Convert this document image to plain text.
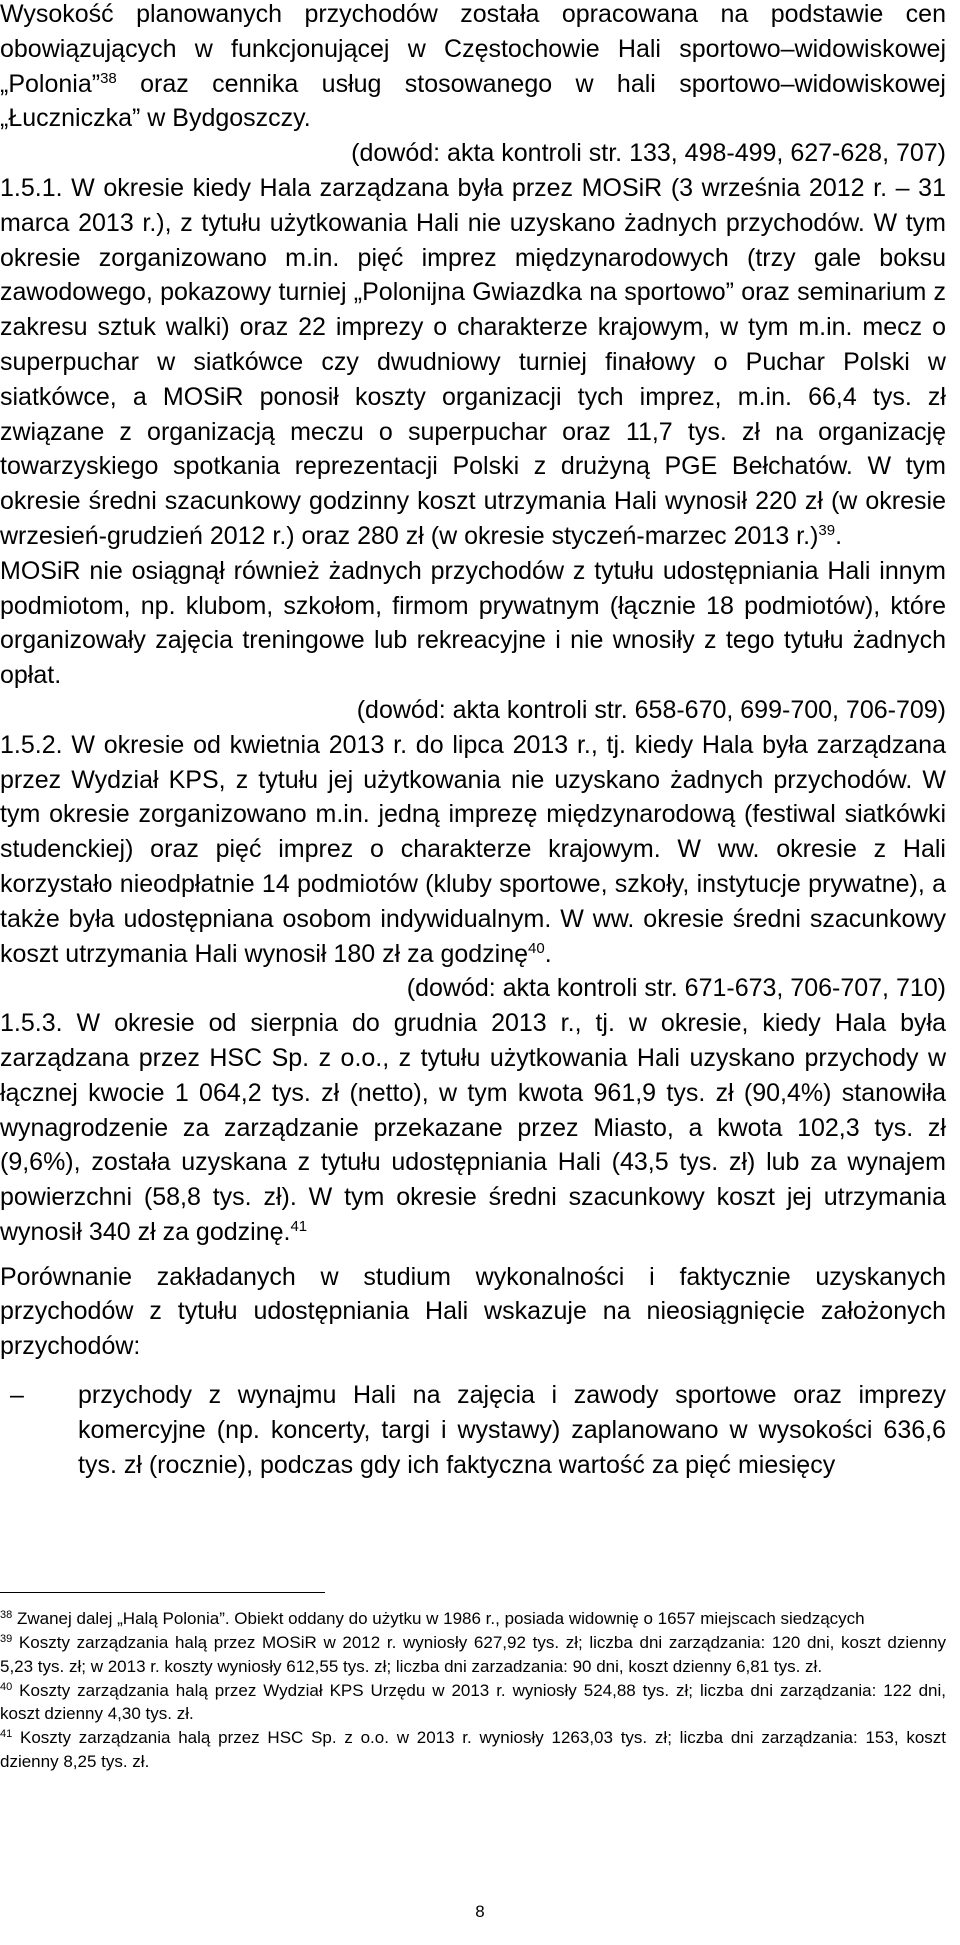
Wysokość planowanych przychodów została opracowana na podstawie cen obowiązujących w funkcjonującej w Częstochowie Hali sportowo–widowiskowej „Polonia”$^{38}$ oraz cennika usług stosowanego w hali sportowo–widowiskowej „Łuczniczka” w Bydgoszczy.

(dowód: akta kontroli str. 133, 498-499, 627-628, 707)

1.5.1. W okresie kiedy Hala zarządzana była przez MOSiR (3 września 2012 r. – 31 marca 2013 r.), z tytułu użytkowania Hali nie uzyskano żadnych przychodów. W tym okresie zorganizowano m.in. pięć imprez międzynarodowych (trzy gale boksu zawodowego, pokazowy turniej „Polonijna Gwiazdka na sportowo” oraz seminarium z zakresu sztuk walki) oraz 22 imprezy o charakterze krajowym, w tym m.in. mecz o superpuchar w siatkówce czy dwudniowy turniej finałowy o Puchar Polski w siatkówce, a MOSiR ponosił koszty organizacji tych imprez, m.in. 66,4 tys. zł związane z organizacją meczu o superpuchar oraz 11,7 tys. zł na organizację towarzyskiego spotkania reprezentacji Polski z drużyną PGE Bełchatów. W tym okresie średni szacunkowy godzinny koszt utrzymania Hali wynosił 220 zł (w okresie wrzesień-grudzień 2012 r.) oraz 280 zł (w okresie styczeń-marzec 2013 r.)$^{39}$.

MOSiR nie osiągnął również żadnych przychodów z tytułu udostępniania Hali innym podmiotom, np. klubom, szkołom, firmom prywatnym (łącznie 18 podmiotów), które organizowały zajęcia treningowe lub rekreacyjne i nie wnosiły z tego tytułu żadnych opłat.

(dowód: akta kontroli str. 658-670, 699-700, 706-709)

1.5.2. W okresie od kwietnia 2013 r. do lipca 2013 r., tj. kiedy Hala była zarządzana przez Wydział KPS, z tytułu jej użytkowania nie uzyskano żadnych przychodów. W tym okresie zorganizowano m.in. jedną imprezę międzynarodową (festiwal siatkówki studenckiej) oraz pięć imprez o charakterze krajowym. W ww. okresie z Hali korzystało nieodpłatnie 14 podmiotów (kluby sportowe, szkoły, instytucje prywatne), a także była udostępniana osobom indywidualnym. W ww. okresie średni szacunkowy koszt utrzymania Hali wynosił 180 zł za godzinę$^{40}$.

(dowód: akta kontroli str. 671-673, 706-707, 710)

1.5.3. W okresie od sierpnia do grudnia 2013 r., tj. w okresie, kiedy Hala była zarządzana przez HSC Sp. z o.o., z tytułu użytkowania Hali uzyskano przychody w łącznej kwocie 1 064,2 tys. zł (netto), w tym kwota 961,9 tys. zł (90,4%) stanowiła wynagrodzenie za zarządzanie przekazane przez Miasto, a kwota 102,3 tys. zł (9,6%), została uzyskana z tytułu udostępniania Hali (43,5 tys. zł) lub za wynajem powierzchni (58,8 tys. zł). W tym okresie średni szacunkowy koszt jej utrzymania wynosił 340 zł za godzinę.$^{41}$

Porównanie zakładanych w studium wykonalności i faktycznie uzyskanych przychodów z tytułu udostępniania Hali wskazuje na nieosiągnięcie założonych przychodów:

– przychody z wynajmu Hali na zajęcia i zawody sportowe oraz imprezy komercyjne (np. koncerty, targi i wystawy) zaplanowano w wysokości 636,6 tys. zł (rocznie), podczas gdy ich faktyczna wartość za pięć miesięcy

$^{38}$ Zwanej dalej „Halą Polonia”. Obiekt oddany do użytku w 1986 r., posiada widownię o 1657 miejscach siedzących

$^{39}$ Koszty zarządzania halą przez MOSiR w 2012 r. wyniosły 627,92 tys. zł; liczba dni zarządzania: 120 dni, koszt dzienny 5,23 tys. zł; w 2013 r. koszty wyniosły 612,55 tys. zł; liczba dni zarzadzania: 90 dni, koszt dzienny 6,81 tys. zł.

$^{40}$ Koszty zarządzania halą przez Wydział KPS Urzędu w 2013 r. wyniosły 524,88 tys. zł; liczba dni zarządzania: 122 dni, koszt dzienny 4,30 tys. zł.

$^{41}$ Koszty zarządzania halą przez HSC Sp. z o.o. w 2013 r. wyniosły 1263,03 tys. zł; liczba dni zarządzania: 153, koszt dzienny 8,25 tys. zł.

8
